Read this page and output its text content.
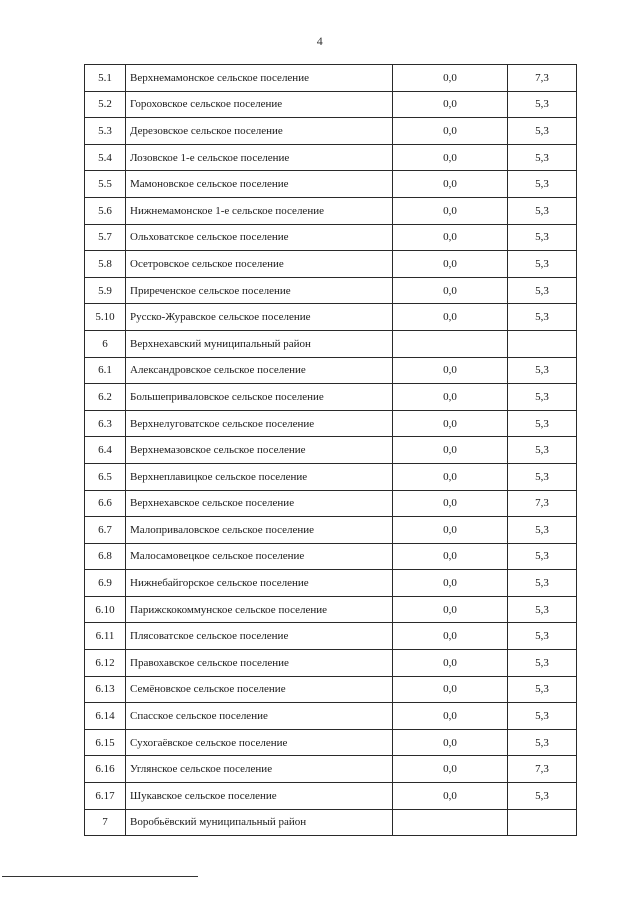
4
5.1	Верхнемамонское сельское поселение	0,0	7,3
5.2	Гороховское сельское поселение	0,0	5,3
5.3	Дерезовское сельское поселение	0,0	5,3
5.4	Лозовское 1-е сельское поселение	0,0	5,3
5.5	Мамоновское сельское поселение	0,0	5,3
5.6	Нижнемамонское 1-е сельское поселение	0,0	5,3
5.7	Ольховатское сельское поселение	0,0	5,3
5.8	Осетровское сельское поселение	0,0	5,3
5.9	Приреченское сельское поселение	0,0	5,3
5.10	Русско-Журавское сельское поселение	0,0	5,3
6	Верхнехавский муниципальный район		
6.1	Александровское сельское поселение	0,0	5,3
6.2	Большеприваловское сельское поселение	0,0	5,3
6.3	Верхнелуговатское сельское поселение	0,0	5,3
6.4	Верхнемазовское сельское поселение	0,0	5,3
6.5	Верхнеплавицкое сельское поселение	0,0	5,3
6.6	Верхнехавское сельское поселение	0,0	7,3
6.7	Малоприваловское сельское поселение	0,0	5,3
6.8	Малосамовецкое сельское поселение	0,0	5,3
6.9	Нижнебайгорское сельское поселение	0,0	5,3
6.10	Парижскокоммунское сельское поселение	0,0	5,3
6.11	Плясоватское сельское поселение	0,0	5,3
6.12	Правохавское сельское поселение	0,0	5,3
6.13	Семёновское сельское поселение	0,0	5,3
6.14	Спасское сельское поселение	0,0	5,3
6.15	Сухогаёвское сельское поселение	0,0	5,3
6.16	Углянское сельское поселение	0,0	7,3
6.17	Шукавское сельское поселение	0,0	5,3
7	Воробьёвский муниципальный район		
